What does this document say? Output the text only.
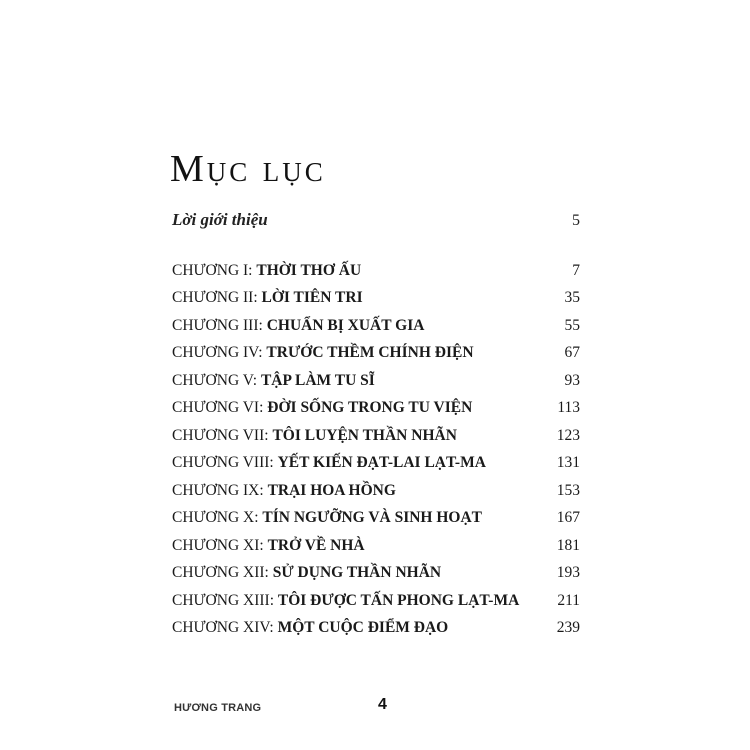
Mục lục
Lời giới thiệu	5
CHƯƠNG I: THỜI THƠ ẤU	7
CHƯƠNG II: LỜI TIÊN TRI	35
CHƯƠNG III: CHUẨN BỊ XUẤT GIA	55
CHƯƠNG IV: TRƯỚC THỀM CHÍNH ĐIỆN	67
CHƯƠNG V: TẬP LÀM TU SĨ	93
CHƯƠNG VI: ĐỜI SỐNG TRONG TU VIỆN	113
CHƯƠNG VII: TÔI LUYỆN THẦN NHÃN	123
CHƯƠNG VIII: YẾT KIẾN ĐẠT-LAI LẠT-MA	131
CHƯƠNG IX: TRẠI HOA HỒNG	153
CHƯƠNG X: TÍN NGƯỠNG VÀ SINH HOẠT	167
CHƯƠNG XI: TRỞ VỀ NHÀ	181
CHƯƠNG XII: SỬ DỤNG THẦN NHÃN	193
CHƯƠNG XIII: TÔI ĐƯỢC TẤN PHONG LẠT-MA 211
CHƯƠNG XIV: MỘT CUỘC ĐIỂM ĐẠO	239
HƯƠNG TRANG	4
